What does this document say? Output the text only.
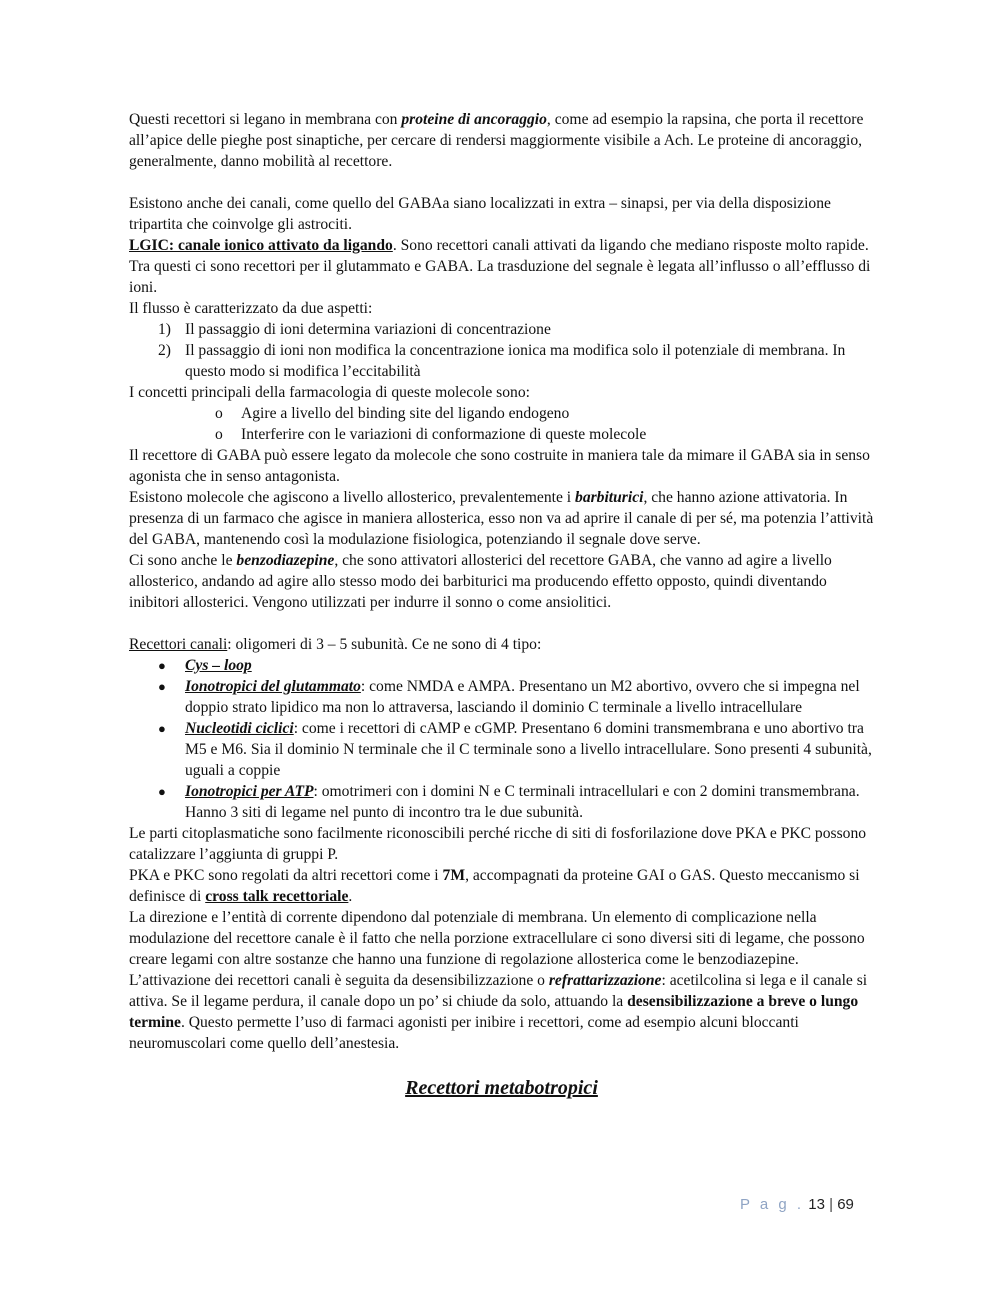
Questi recettori si legano in membrana con proteine di ancoraggio, come ad esempio la rapsina, che porta il recettore all’apice delle pieghe post sinaptiche, per cercare di rendersi maggiormente visibile a Ach. Le proteine di ancoraggio, generalmente, danno mobilità al recettore.

Esistono anche dei canali, come quello del GABAa siano localizzati in extra – sinapsi, per via della disposizione tripartita che coinvolge gli astrociti.

LGIC: canale ionico attivato da ligando. Sono recettori canali attivati da ligando che mediano risposte molto rapide. Tra questi ci sono recettori per il glutammato e GABA. La trasduzione del segnale è legata all’influsso o all’efflusso di ioni.

Il flusso è caratterizzato da due aspetti:

1) Il passaggio di ioni determina variazioni di concentrazione
2) Il passaggio di ioni non modifica la concentrazione ionica ma modifica solo il potenziale di membrana. In questo modo si modifica l’eccitabilità

I concetti principali della farmacologia di queste molecole sono:

o Agire a livello del binding site del ligando endogeno
o Interferire con le variazioni di conformazione di queste molecole

Il recettore di GABA può essere legato da molecole che sono costruite in maniera tale da mimare il GABA sia in senso agonista che in senso antagonista.

Esistono molecole che agiscono a livello allosterico, prevalentemente i barbiturici, che hanno azione attivatoria. In presenza di un farmaco che agisce in maniera allosterica, esso non va ad aprire il canale di per sé, ma potenzia l’attività del GABA, mantenendo così la modulazione fisiologica, potenziando il segnale dove serve.

Ci sono anche le benzodiazepine, che sono attivatori allosterici del recettore GABA, che vanno ad agire a livello allosterico, andando ad agire allo stesso modo dei barbiturici ma producendo effetto opposto, quindi diventando inibitori allosterici. Vengono utilizzati per indurre il sonno o come ansiolitici.

Recettori canali: oligomeri di 3 – 5 subunità. Ce ne sono di 4 tipo:

● Cys – loop
● Ionotropici del glutammato: come NMDA e AMPA. Presentano un M2 abortivo, ovvero che si impegna nel doppio strato lipidico ma non lo attraversa, lasciando il dominio C terminale a livello intracellulare
● Nucleotidi ciclici: come i recettori di cAMP e cGMP. Presentano 6 domini transmembrana e uno abortivo tra M5 e M6. Sia il dominio N terminale che il C terminale sono a livello intracellulare. Sono presenti 4 subunità, uguali a coppie
● Ionotropici per ATP: omotrimeri con i domini N e C terminali intracellulari e con 2 domini transmembrana. Hanno 3 siti di legame nel punto di incontro tra le due subunità.

Le parti citoplasmatiche sono facilmente riconoscibili perché ricche di siti di fosforilazione dove PKA e PKC possono catalizzare l’aggiunta di gruppi P.

PKA e PKC sono regolati da altri recettori come i 7M, accompagnati da proteine GAI o GAS. Questo meccanismo si definisce di cross talk recettoriale.

La direzione e l’entità di corrente dipendono dal potenziale di membrana. Un elemento di complicazione nella modulazione del recettore canale è il fatto che nella porzione extracellulare ci sono diversi siti di legame, che possono creare legami con altre sostanze che hanno una funzione di regolazione allosterica come le benzodiazepine.

L’attivazione dei recettori canali è seguita da desensibilizzazione o refrattarizzazione: acetilcolina si lega e il canale si attiva. Se il legame perdura, il canale dopo un po’ si chiude da solo, attuando la desensibilizzazione a breve o lungo termine. Questo permette l’uso di farmaci agonisti per inibire i recettori, come ad esempio alcuni bloccanti neuromuscolari come quello dell’anestesia.

Recettori metabotropici

P a g . 13 | 69
